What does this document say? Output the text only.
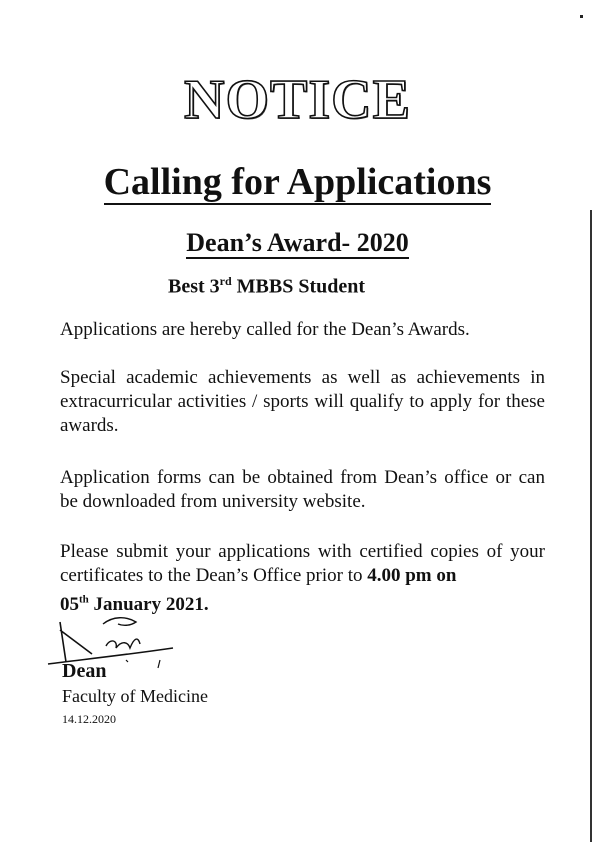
NOTICE
Calling for Applications
Dean’s Award- 2020
Best 3rd MBBS Student
Applications are hereby called for the Dean’s Awards.
Special academic achievements as well as achievements in extracurricular activities / sports will qualify to apply for these awards.
Application forms can be obtained from Dean’s office or can be downloaded from university website.
Please submit your applications with certified copies of your certificates to the Dean’s Office prior to 4.00 pm on
05th January 2021.
Dean
Faculty of Medicine
14.12.2020
